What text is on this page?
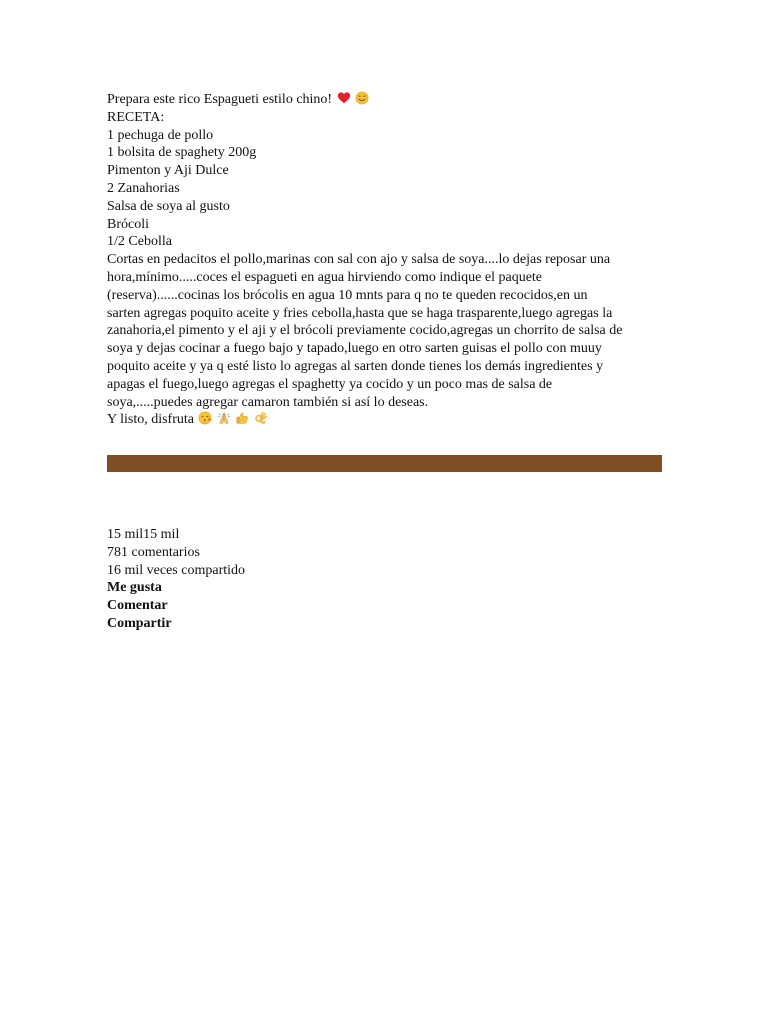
Prepara este rico Espagueti estilo chino!
RECETA:
1 pechuga de pollo
1 bolsita de spaghety 200g
Pimenton y Aji Dulce
2 Zanahorias
Salsa de soya al gusto
Brócoli
1/2 Cebolla
Cortas en pedacitos el pollo,marinas con sal con ajo y salsa de soya....lo dejas reposar una
hora,mínimo.....coces el espagueti en agua hirviendo como indique el paquete
(reserva)......cocinas los brócolis en agua 10 mnts para q no te queden recocidos,en un
sarten agregas poquito aceite y fries cebolla,hasta que se haga trasparente,luego agregas la
zanahoria,el pimento y el aji y el brócoli previamente cocido,agregas un chorrito de salsa de
soya y dejas cocinar a fuego bajo y tapado,luego en otro sarten guisas el pollo con muuy
poquito aceite y ya q esté listo lo agregas al sarten donde tienes los demás ingredientes y
apagas el fuego,luego agregas el spaghetty ya cocido y un poco mas de salsa de
soya,.....puedes agregar camaron también si así lo deseas.
Y listo, disfruta
15 mil15 mil
781 comentarios
16 mil veces compartido
Me gusta
Comentar
Compartir
